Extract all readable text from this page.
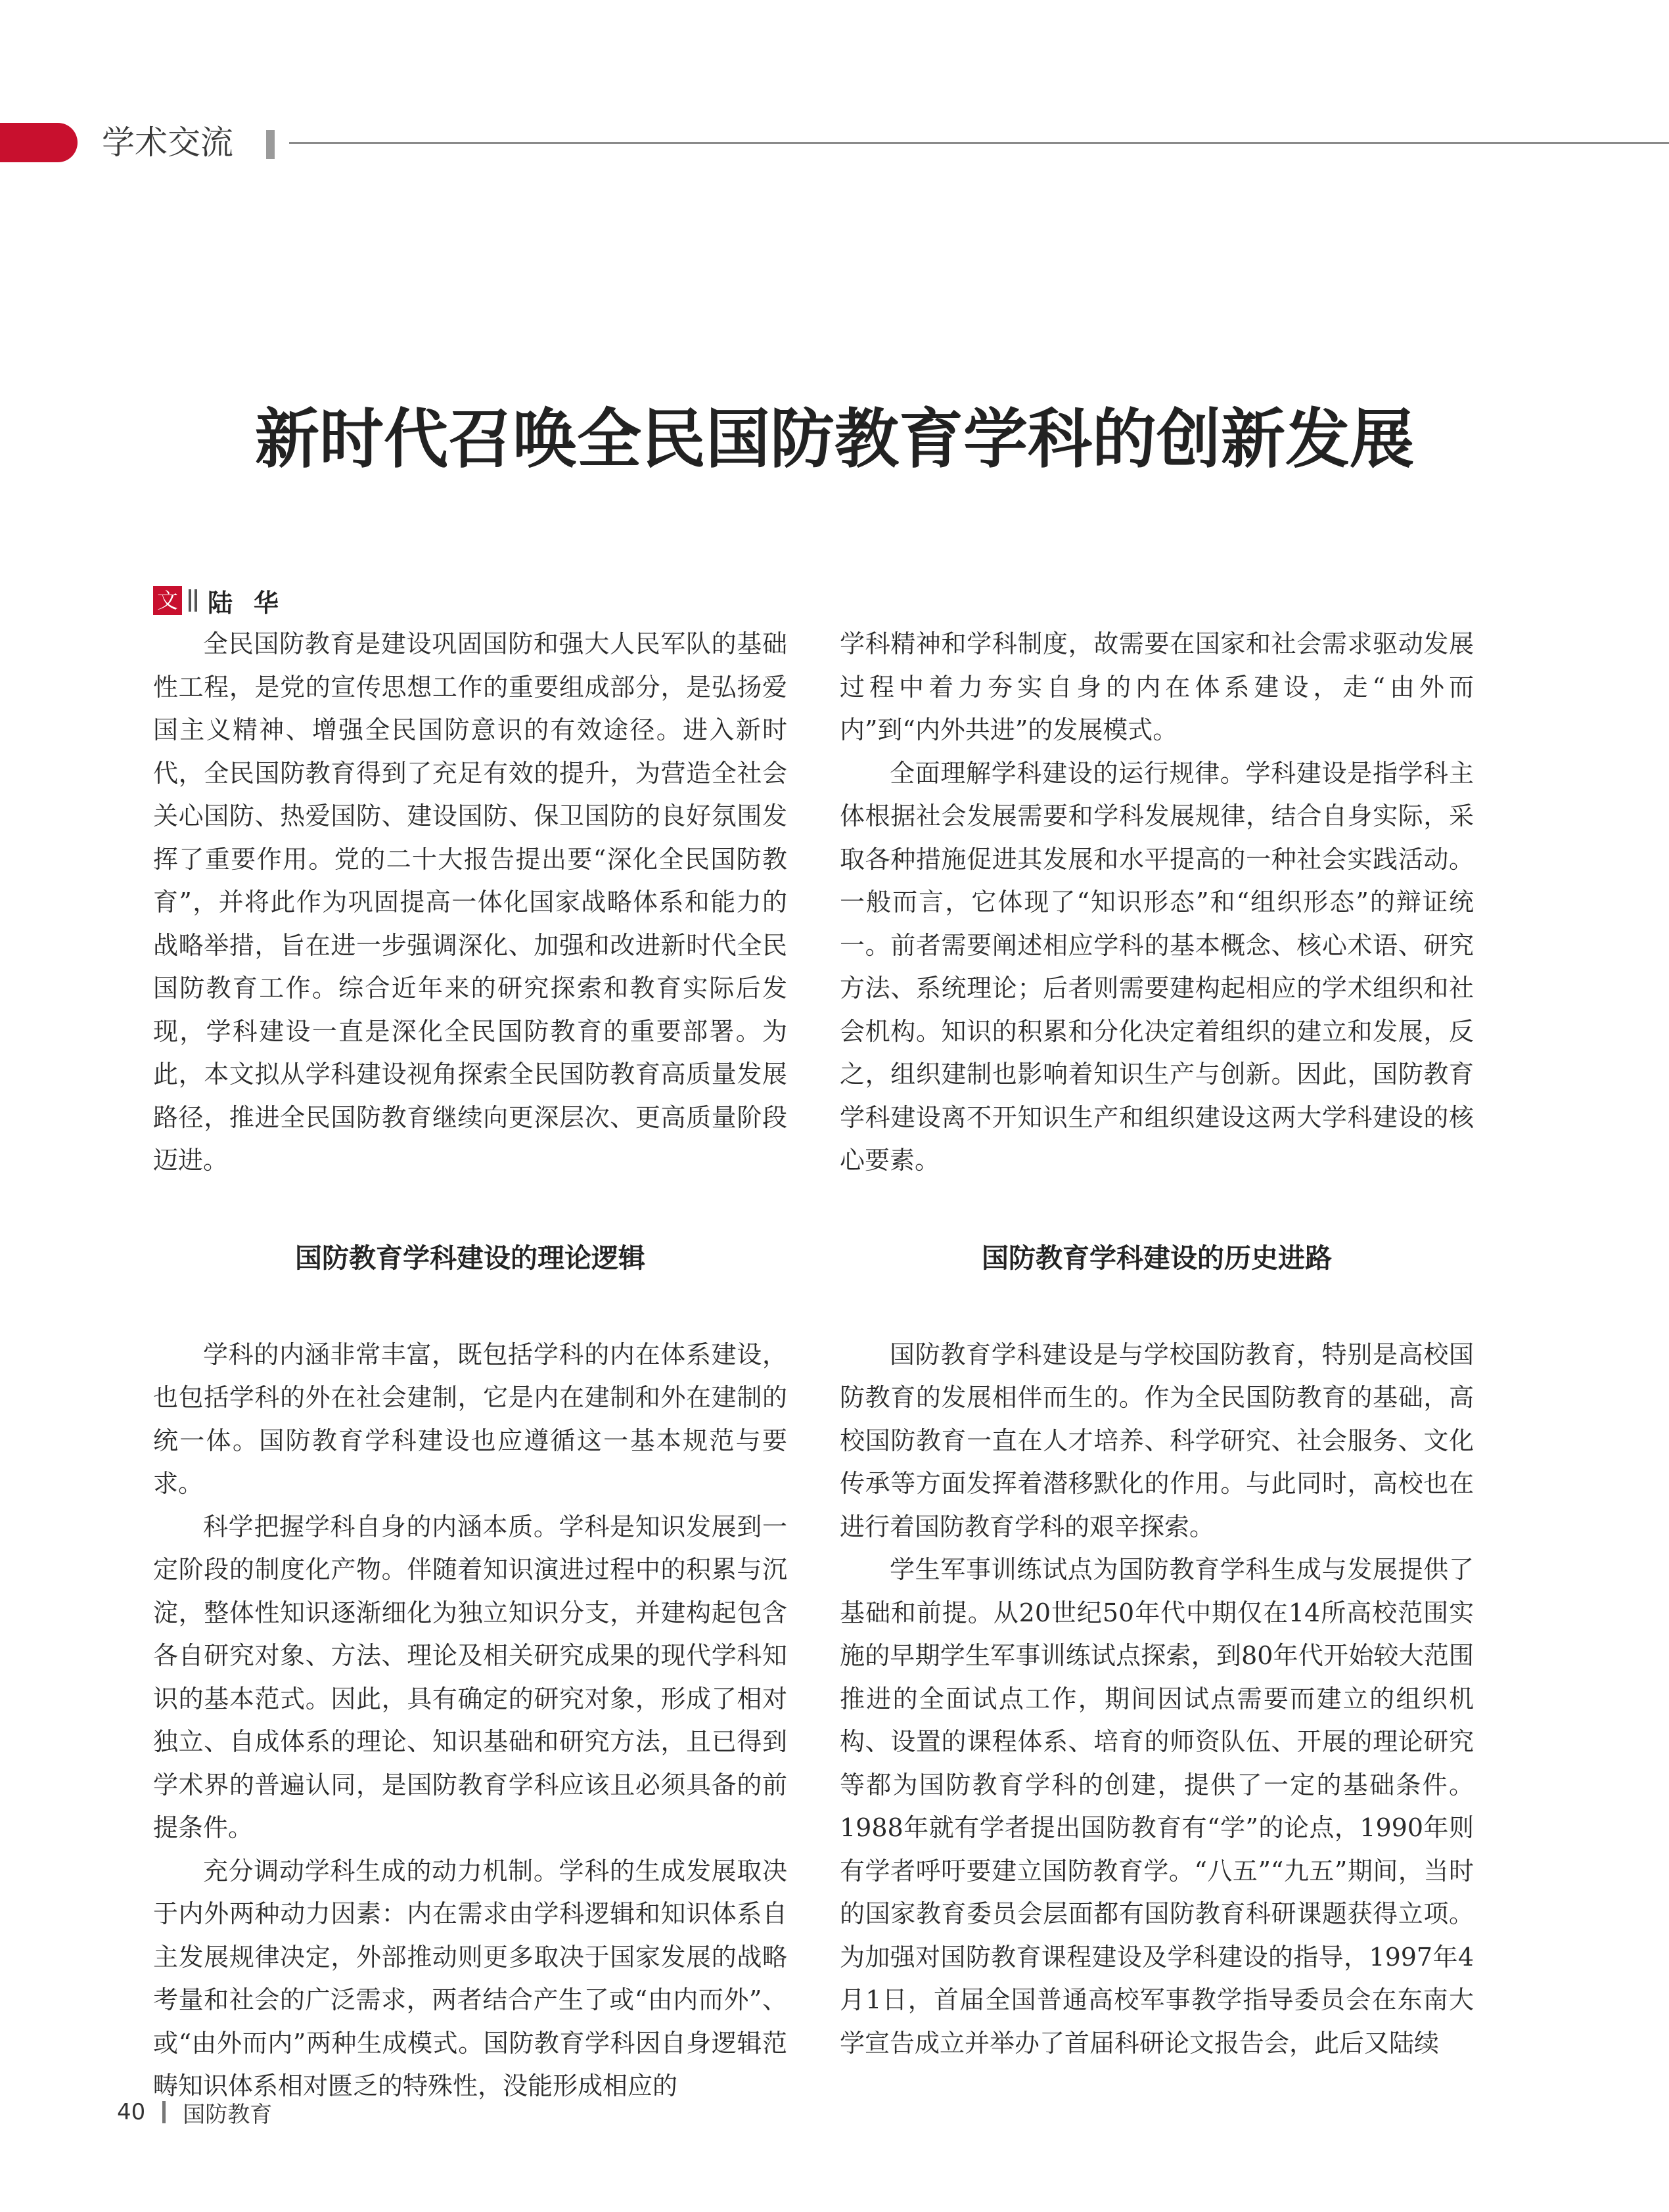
学术交流
新时代召唤全民国防教育学科的创新发展
文 陆华

全民国防教育是建设巩固国防和强大人民军队的基础性工程，是党的宣传思想工作的重要组成部分，是弘扬爱国主义精神、增强全民国防意识的有效途径。进入新时代，全民国防教育得到了充足有效的提升，为营造全社会关心国防、热爱国防、建设国防、保卫国防的良好氛围发挥了重要作用。党的二十大报告提出要“深化全民国防教育”，并将此作为巩固提高一体化国家战略体系和能力的战略举措，旨在进一步强调深化、加强和改进新时代全民国防教育工作。综合近年来的研究探索和教育实际后发现，学科建设一直是深化全民国防教育的重要部署。为此，本文拟从学科建设视角探索全民国防教育高质量发展路径，推进全民国防教育继续向更深层次、更高质量阶段迈进。

国防教育学科建设的理论逻辑

学科的内涵非常丰富，既包括学科的内在体系建设，也包括学科的外在社会建制，它是内在建制和外在建制的统一体。国防教育学科建设也应遵循这一基本规范与要求。

科学把握学科自身的内涵本质。学科是知识发展到一定阶段的制度化产物。伴随着知识演进过程中的积累与沉淀，整体性知识逐渐细化为独立知识分支，并建构起包含各自研究对象、方法、理论及相关研究成果的现代学科知识的基本范式。因此，具有确定的研究对象，形成了相对独立、自成体系的理论、知识基础和研究方法，且已得到学术界的普遍认同，是国防教育学科应该且必须具备的前提条件。

充分调动学科生成的动力机制。学科的生成发展取决于内外两种动力因素：内在需求由学科逻辑和知识体系自主发展规律决定，外部推动则更多取决于国家发展的战略考量和社会的广泛需求，两者结合产生了或“由内而外”、或“由外而内”两种生成模式。国防教育学科因自身逻辑范畴知识体系相对匮乏的特殊性，没能形成相应的

学科精神和学科制度，故需要在国家和社会需求驱动发展过程中着力夯实自身的内在体系建设，走“由外而内”到“内外共进”的发展模式。

全面理解学科建设的运行规律。学科建设是指学科主体根据社会发展需要和学科发展规律，结合自身实际，采取各种措施促进其发展和水平提高的一种社会实践活动。一般而言，它体现了“知识形态”和“组织形态”的辩证统一。前者需要阐述相应学科的基本概念、核心术语、研究方法、系统理论；后者则需要建构起相应的学术组织和社会机构。知识的积累和分化决定着组织的建立和发展，反之，组织建制也影响着知识生产与创新。因此，国防教育学科建设离不开知识生产和组织建设这两大学科建设的核心要素。

国防教育学科建设的历史进路

国防教育学科建设是与学校国防教育，特别是高校国防教育的发展相伴而生的。作为全民国防教育的基础，高校国防教育一直在人才培养、科学研究、社会服务、文化传承等方面发挥着潜移默化的作用。与此同时，高校也在进行着国防教育学科的艰辛探索。

学生军事训练试点为国防教育学科生成与发展提供了基础和前提。从20世纪50年代中期仅在14所高校范围实施的早期学生军事训练试点探索，到80年代开始较大范围推进的全面试点工作，期间因试点需要而建立的组织机构、设置的课程体系、培育的师资队伍、开展的理论研究等都为国防教育学科的创建，提供了一定的基础条件。1988年就有学者提出国防教育有“学”的论点，1990年则有学者呼吁要建立国防教育学。“八五”“九五”期间，当时的国家教育委员会层面都有国防教育科研课题获得立项。为加强对国防教育课程建设及学科建设的指导，1997年4月1日，首届全国普通高校军事教学指导委员会在东南大学宣告成立并举办了首届科研论文报告会，此后又陆续

40 国防教育
